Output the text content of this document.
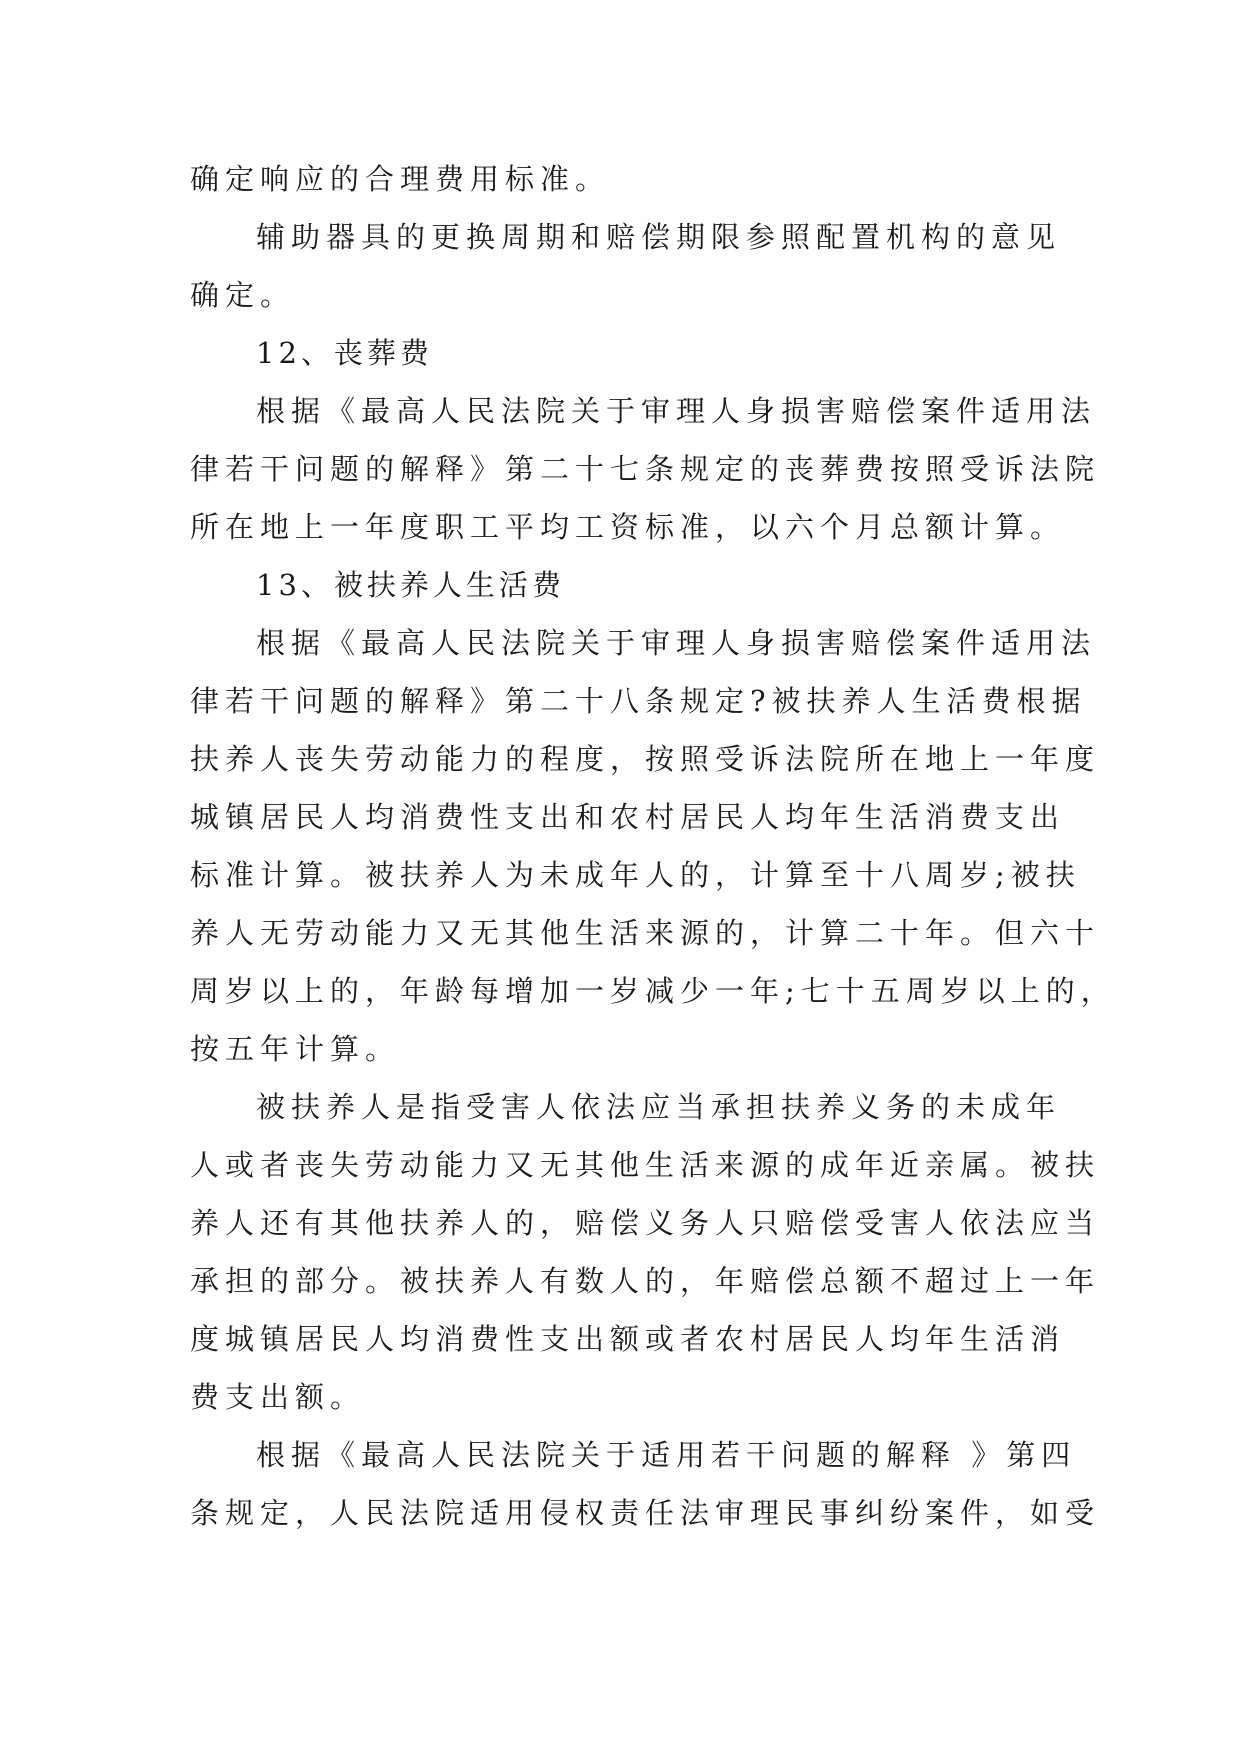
确定响应的合理费用标准。
辅助器具的更换周期和赔偿期限参照配置机构的意见
确定。
12、丧葬费
根据《最高人民法院关于审理人身损害赔偿案件适用法
律若干问题的解释》第二十七条规定的丧葬费按照受诉法院
所在地上一年度职工平均工资标准，以六个月总额计算。
13、被扶养人生活费
根据《最高人民法院关于审理人身损害赔偿案件适用法
律若干问题的解释》第二十八条规定?被扶养人生活费根据
扶养人丧失劳动能力的程度，按照受诉法院所在地上一年度
城镇居民人均消费性支出和农村居民人均年生活消费支出
标准计算。被扶养人为未成年人的，计算至十八周岁;被扶
养人无劳动能力又无其他生活来源的，计算二十年。但六十
周岁以上的，年龄每增加一岁减少一年;七十五周岁以上的，
按五年计算。
被扶养人是指受害人依法应当承担扶养义务的未成年
人或者丧失劳动能力又无其他生活来源的成年近亲属。被扶
养人还有其他扶养人的，赔偿义务人只赔偿受害人依法应当
承担的部分。被扶养人有数人的，年赔偿总额不超过上一年
度城镇居民人均消费性支出额或者农村居民人均年生活消
费支出额。
根据《最高人民法院关于适用若干问题的解释 》第四
条规定，人民法院适用侵权责任法审理民事纠纷案件，如受
